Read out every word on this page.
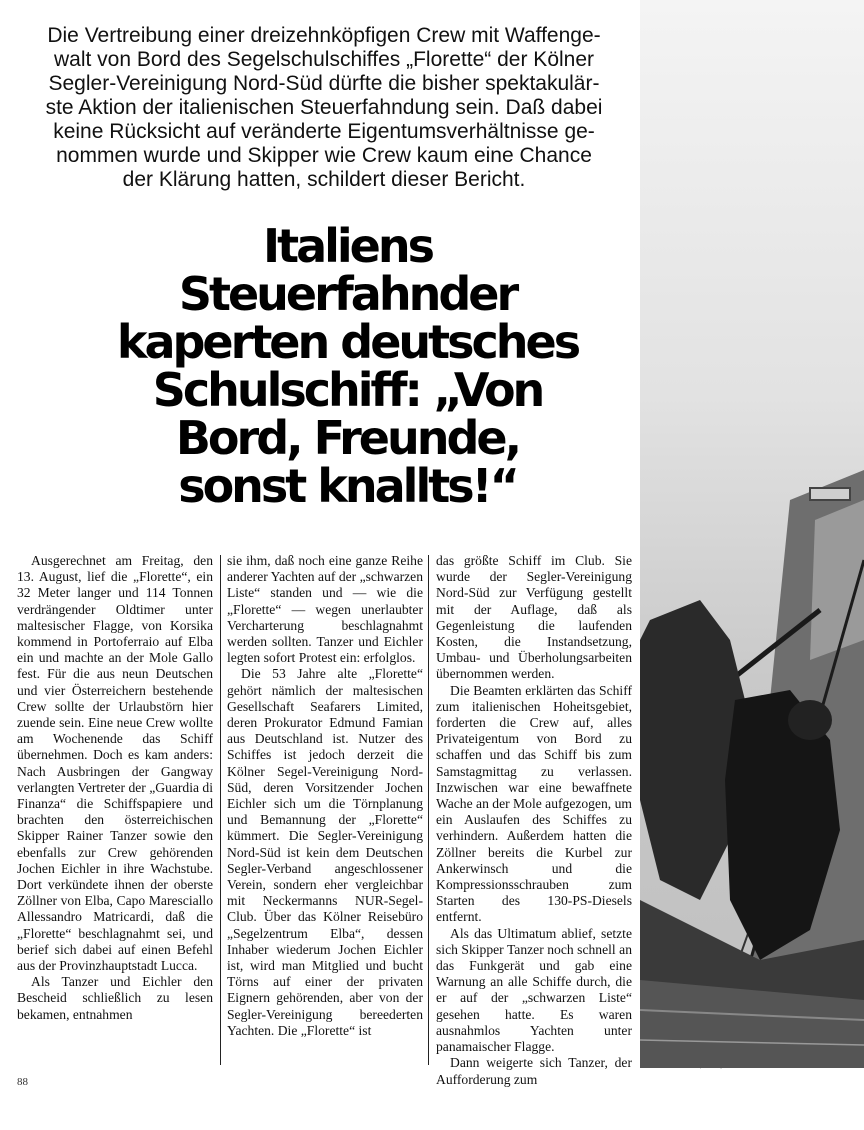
Die Vertreibung einer dreizehnköpfigen Crew mit Waffenge-
walt von Bord des Segelschulschiffes „Florette“ der Kölner
Segler-Vereinigung Nord-Süd dürfte die bisher spektakulär-
ste Aktion der italienischen Steuerfahndung sein. Daß dabei
keine Rücksicht auf veränderte Eigentumsverhältnisse ge-
nommen wurde und Skipper wie Crew kaum eine Chance
der Klärung hatten, schildert dieser Bericht.
Italiens
Steuerfahnder
kaperten deutsches
Schulschiff: „Von
Bord, Freunde,
sonst knallts!“

Ausgerechnet am Freitag, den 13. August, lief die „Florette“, ein 32 Meter langer und 114 Tonnen verdrängender Oldtimer unter maltesischer Flagge, von Korsika kommend in Portoferraio auf Elba ein und machte an der Mole Gallo fest. Für die aus neun Deutschen und vier Österreichern bestehende Crew sollte der Urlaubstörn hier zuende sein. Eine neue Crew wollte am Wochenende das Schiff übernehmen. Doch es kam anders: Nach Ausbringen der Gangway verlangten Vertreter der „Guardia di Finanza“ die Schiffspapiere und brachten den österreichischen Skipper Rainer Tanzer sowie den ebenfalls zur Crew gehörenden Jochen Eichler in ihre Wachstube. Dort verkündete ihnen der oberste Zöllner von Elba, Capo Maresciallo Allessandro Matricardi, daß die „Florette“ beschlagnahmt sei, und berief sich dabei auf einen Befehl aus der Provinzhauptstadt Lucca.

Als Tanzer und Eichler den Bescheid schließlich zu lesen bekamen, entnahmen

sie ihm, daß noch eine ganze Reihe anderer Yachten auf der „schwarzen Liste“ standen und — wie die „Florette“ — wegen unerlaubter Vercharterung beschlagnahmt werden sollten. Tanzer und Eichler legten sofort Protest ein: erfolglos.

Die 53 Jahre alte „Florette“ gehört nämlich der maltesischen Gesellschaft Seafarers Limited, deren Prokurator Edmund Famian aus Deutschland ist. Nutzer des Schiffes ist jedoch derzeit die Kölner Segel-Vereinigung Nord-Süd, deren Vorsitzender Jochen Eichler sich um die Törnplanung und Bemannung der „Florette“ kümmert. Die Segler-Vereinigung Nord-Süd ist kein dem Deutschen Segler-Verband angeschlossener Verein, sondern eher vergleichbar mit Neckermanns NUR-Segel-Club. Über das Kölner Reisebüro „Segelzentrum Elba“, dessen Inhaber wiederum Jochen Eichler ist, wird man Mitglied und bucht Törns auf einer der privaten Eignern gehörenden, aber von der Segler-Vereinigung bereederten Yachten. Die „Florette“ ist

das größte Schiff im Club. Sie wurde der Segler-Vereinigung Nord-Süd zur Verfügung gestellt mit der Auflage, daß als Gegenleistung die laufenden Kosten, die Instandsetzung, Umbau- und Überholungsarbeiten übernommen werden.

Die Beamten erklärten das Schiff zum italienischen Hoheitsgebiet, forderten die Crew auf, alles Privateigentum von Bord zu schaffen und das Schiff bis zum Samstagmittag zu verlassen. Inzwischen war eine bewaffnete Wache an der Mole aufgezogen, um ein Auslaufen des Schiffes zu verhindern. Außerdem hatten die Zöllner bereits die Kurbel zur Ankerwinsch und die Kompressionsschrauben zum Starten des 130-PS-Diesels entfernt.

Als das Ultimatum ablief, setzte sich Skipper Tanzer noch schnell an das Funkgerät und gab eine Warnung an alle Schiffe durch, die er auf der „schwarzen Liste“ gesehen hatte. Es waren ausnahmlos Yachten unter panamaischer Flagge.

Dann weigerte sich Tanzer, der Aufforderung zum

88
